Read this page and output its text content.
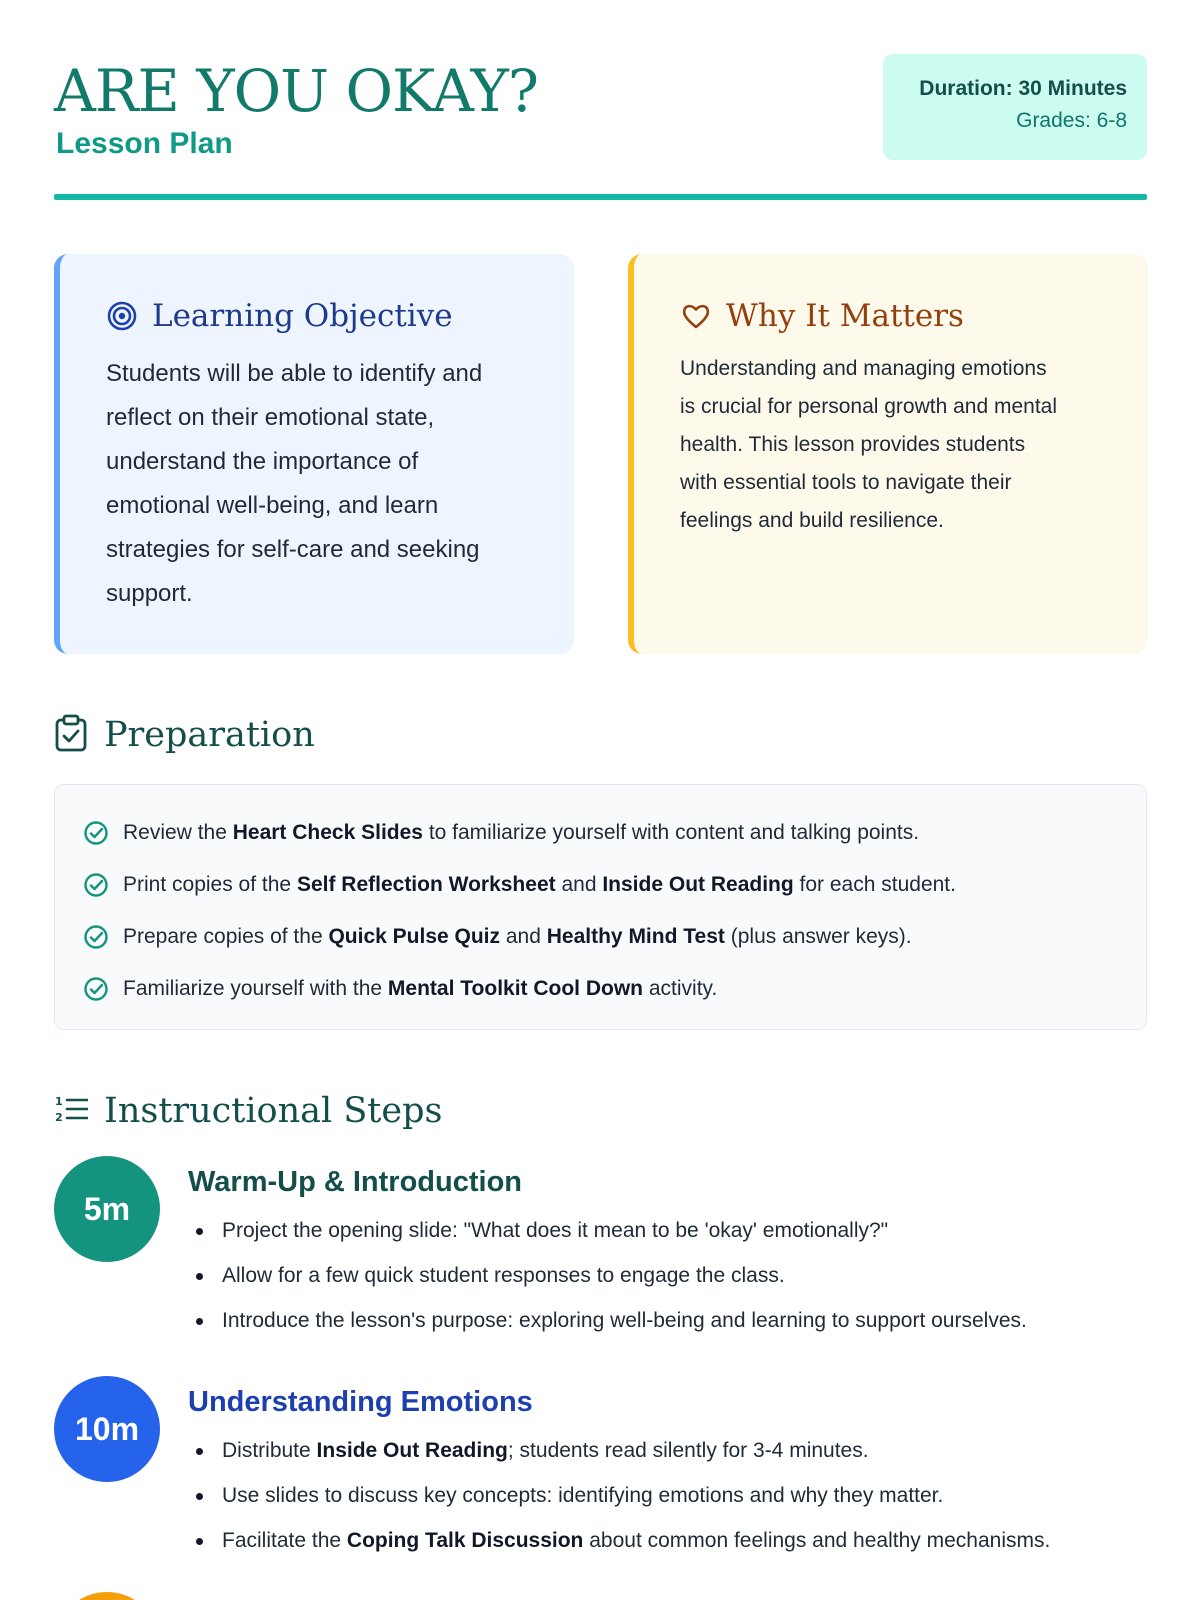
ARE YOU OKAY?
Lesson Plan
Duration: 30 Minutes
Grades: 6-8
Learning Objective
Students will be able to identify and
reflect on their emotional state,
understand the importance of
emotional well-being, and learn
strategies for self-care and seeking
support.
Why It Matters
Understanding and managing emotions
is crucial for personal growth and mental
health. This lesson provides students
with essential tools to navigate their
feelings and build resilience.
Preparation
Review the Heart Check Slides to familiarize yourself with content and talking points.
Print copies of the Self Reflection Worksheet and Inside Out Reading for each student.
Prepare copies of the Quick Pulse Quiz and Healthy Mind Test (plus answer keys).
Familiarize yourself with the Mental Toolkit Cool Down activity.
1
2 Instructional Steps
5m
Warm-Up & Introduction
Project the opening slide: "What does it mean to be 'okay' emotionally?"
Allow for a few quick student responses to engage the class.
Introduce the lesson's purpose: exploring well-being and learning to support ourselves.
10m
Understanding Emotions
Distribute Inside Out Reading; students read silently for 3-4 minutes.
Use slides to discuss key concepts: identifying emotions and why they matter.
Facilitate the Coping Talk Discussion about common feelings and healthy mechanisms.
